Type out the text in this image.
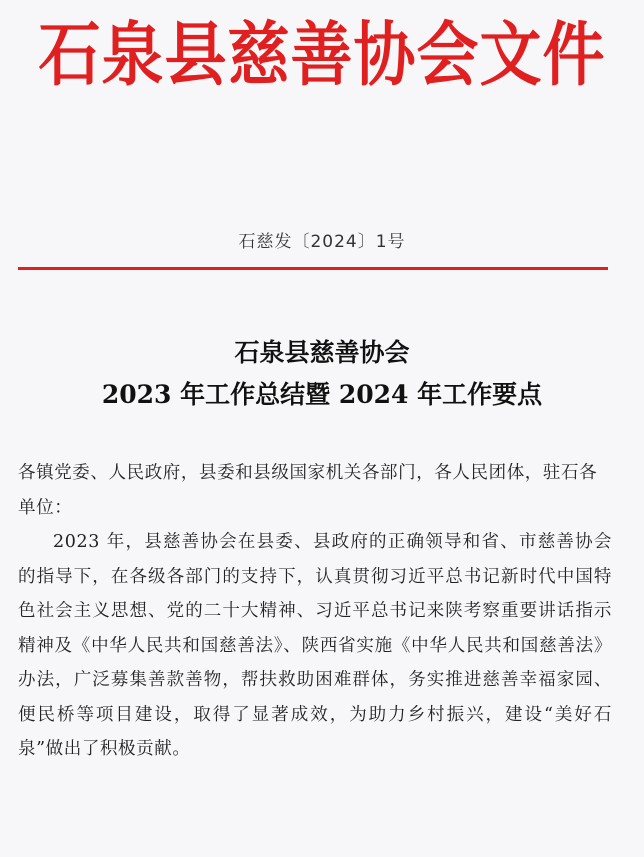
石泉县慈善协会文件
石慈发〔2024〕1号
石泉县慈善协会
2023 年工作总结暨 2024 年工作要点

各镇党委、人民政府，县委和县级国家机关各部门，各人民团体，驻石各单位：

2023 年，县慈善协会在县委、县政府的正确领导和省、市慈善协会的指导下，在各级各部门的支持下，认真贯彻习近平总书记新时代中国特色社会主义思想、党的二十大精神、习近平总书记来陕考察重要讲话指示精神及《中华人民共和国慈善法》、陕西省实施《中华人民共和国慈善法》办法，广泛募集善款善物，帮扶救助困难群体，务实推进慈善幸福家园、便民桥等项目建设，取得了显著成效，为助力乡村振兴，建设“美好石泉”做出了积极贡献。
